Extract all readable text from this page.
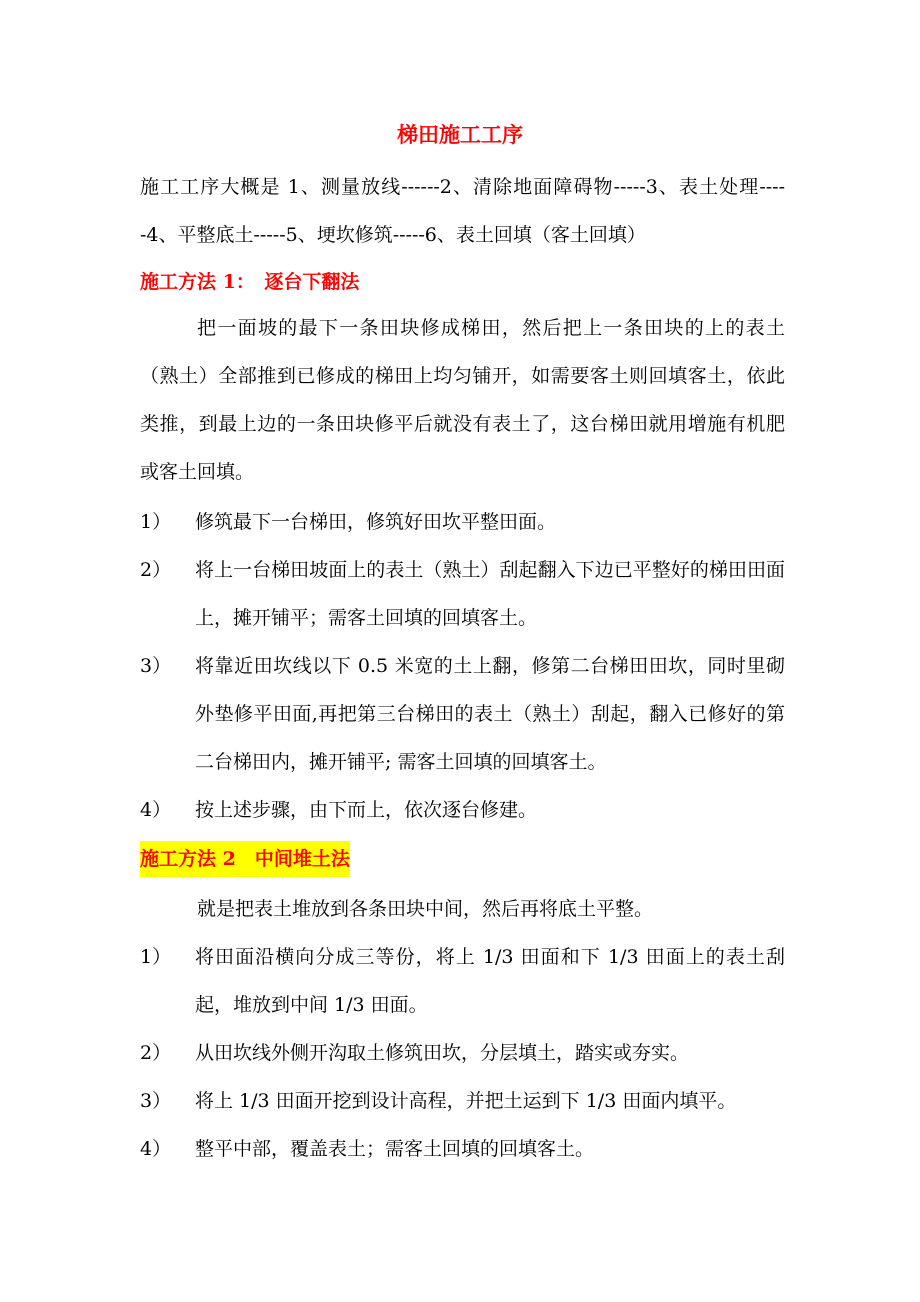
梯田施工工序
施工工序大概是 1、测量放线------2、清除地面障碍物-----3、表土处理-----4、平整底土-----5、埂坎修筑-----6、表土回填（客土回填）
施工方法 1：　逐台下翻法
把一面坡的最下一条田块修成梯田，然后把上一条田块的上的表土（熟土）全部推到已修成的梯田上均匀铺开，如需要客土则回填客土，依此类推，到最上边的一条田块修平后就没有表土了，这台梯田就用增施有机肥或客土回填。
1）	修筑最下一台梯田，修筑好田坎平整田面。
2）	将上一台梯田坡面上的表土（熟土）刮起翻入下边已平整好的梯田田面上，摊开铺平；需客土回填的回填客土。
3）	将靠近田坎线以下 0.5 米宽的土上翻，修第二台梯田田坎，同时里砌外垫修平田面,再把第三台梯田的表土（熟土）刮起，翻入已修好的第二台梯田内，摊开铺平; 需客土回填的回填客土。
4）	按上述步骤，由下而上，依次逐台修建。
施工方法 2　中间堆土法
就是把表土堆放到各条田块中间，然后再将底土平整。
1）	将田面沿横向分成三等份，将上 1/3 田面和下 1/3 田面上的表土刮起，堆放到中间 1/3 田面。
2）	从田坎线外侧开沟取土修筑田坎，分层填土，踏实或夯实。
3）	将上 1/3 田面开挖到设计高程，并把土运到下 1/3 田面内填平。
4）	整平中部，覆盖表土；需客土回填的回填客土。
